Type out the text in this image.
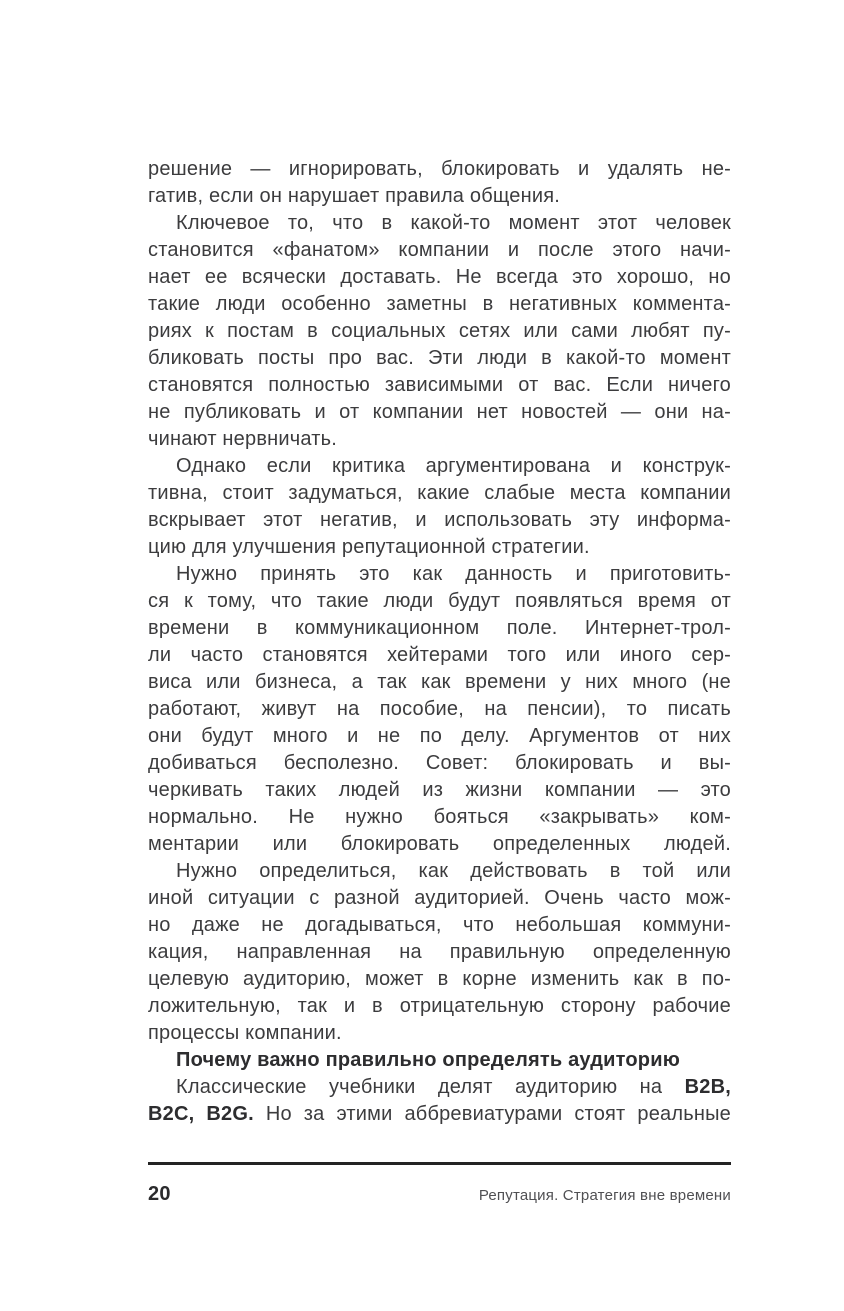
решение — игнорировать, блокировать и удалять не-
гатив, если он нарушает правила общения.
Ключевое то, что в какой-то момент этот человек
становится «фанатом» компании и после этого начи-
нает ее всячески доставать. Не всегда это хорошо, но
такие люди особенно заметны в негативных коммента-
риях к постам в социальных сетях или сами любят пу-
бликовать посты про вас. Эти люди в какой-то момент
становятся полностью зависимыми от вас. Если ничего
не публиковать и от компании нет новостей — они на-
чинают нервничать.
Однако если критика аргументирована и конструк-
тивна, стоит задуматься, какие слабые места компании
вскрывает этот негатив, и использовать эту информа-
цию для улучшения репутационной стратегии.
Нужно принять это как данность и приготовить-
ся к тому, что такие люди будут появляться время от
времени в коммуникационном поле. Интернет-трол-
ли часто становятся хейтерами того или иного сер-
виса или бизнеса, а так как времени у них много (не
работают, живут на пособие, на пенсии), то писать
они будут много и не по делу. Аргументов от них
добиваться бесполезно. Совет: блокировать и вы-
черкивать таких людей из жизни компании — это
нормально. Не нужно бояться «закрывать» ком-
ментарии или блокировать определенных людей.
Нужно определиться, как действовать в той или
иной ситуации с разной аудиторией. Очень часто мож-
но даже не догадываться, что небольшая коммуни-
кация, направленная на правильную определенную
целевую аудиторию, может в корне изменить как в по-
ложительную, так и в отрицательную сторону рабочие
процессы компании.
Почему важно правильно определять аудиторию
Классические учебники делят аудиторию на B2B,
B2C, B2G. Но за этими аббревиатурами стоят реальные
20	Репутация. Стратегия вне времени
